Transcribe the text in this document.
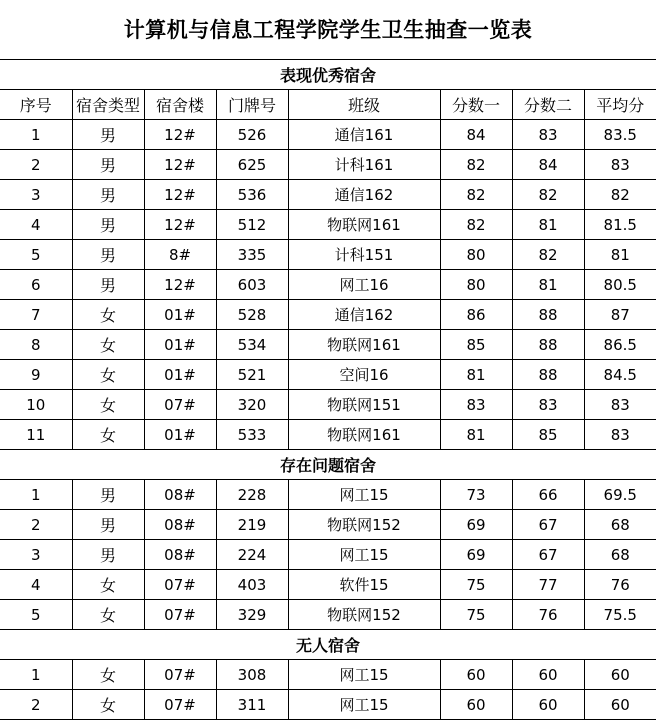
计算机与信息工程学院学生卫生抽查一览表
表现优秀宿舍							
序号	宿舍类型	宿舍楼	门牌号	班级	分数一	分数二	平均分
1	男	12#	526	通信161	84	83	83.5
2	男	12#	625	计科161	82	84	83
3	男	12#	536	通信162	82	82	82
4	男	12#	512	物联网161	82	81	81.5
5	男	8#	335	计科151	80	82	81
6	男	12#	603	网工16	80	81	80.5
7	女	01#	528	通信162	86	88	87
8	女	01#	534	物联网161	85	88	86.5
9	女	01#	521	空间16	81	88	84.5
10	女	07#	320	物联网151	83	83	83
11	女	01#	533	物联网161	81	85	83
存在问题宿舍							
1	男	08#	228	网工15	73	66	69.5
2	男	08#	219	物联网152	69	67	68
3	男	08#	224	网工15	69	67	68
4	女	07#	403	软件15	75	77	76
5	女	07#	329	物联网152	75	76	75.5
无人宿舍							
1	女	07#	308	网工15	60	60	60
2	女	07#	311	网工15	60	60	60
